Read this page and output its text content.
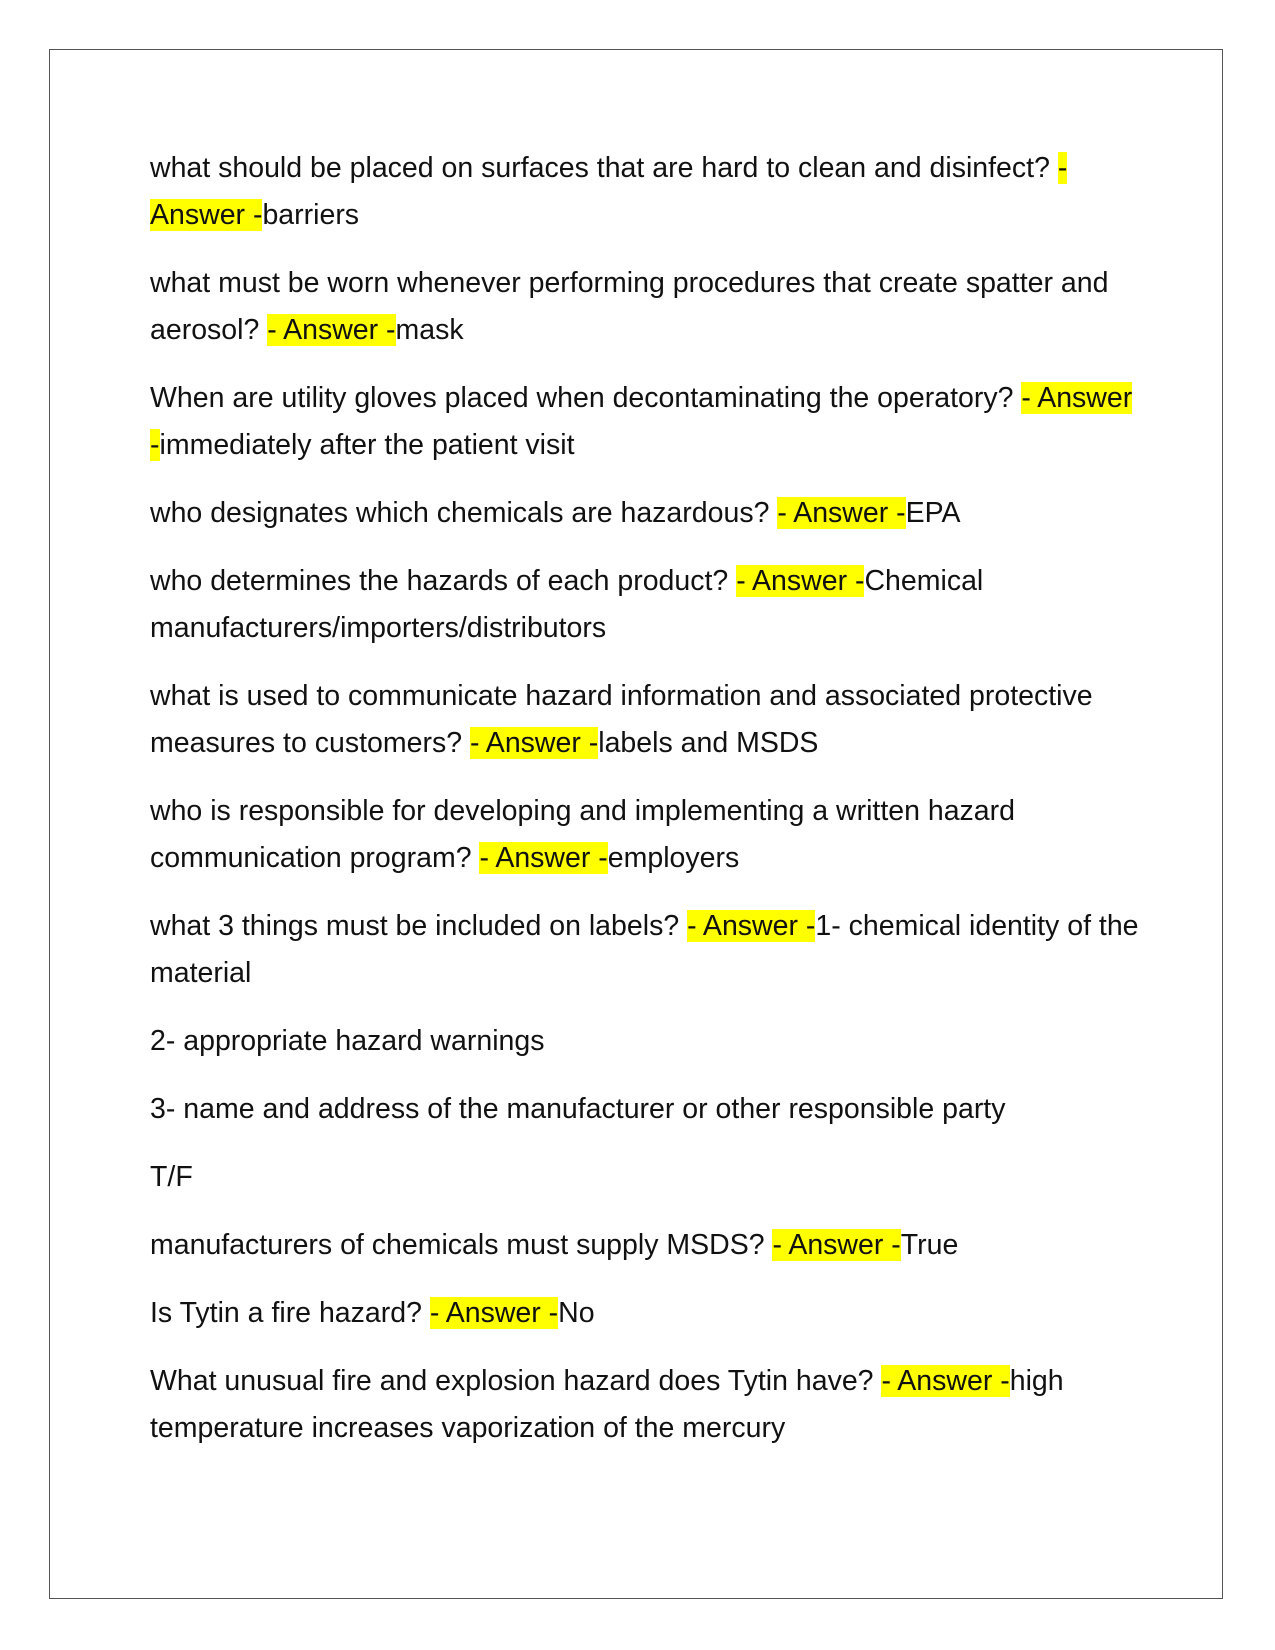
what should be placed on surfaces that are hard to clean and disinfect? - Answer -barriers

what must be worn whenever performing procedures that create spatter and aerosol? - Answer -mask

When are utility gloves placed when decontaminating the operatory? - Answer -immediately after the patient visit

who designates which chemicals are hazardous? - Answer -EPA

who determines the hazards of each product? - Answer -Chemical manufacturers/importers/distributors

what is used to communicate hazard information and associated protective measures to customers? - Answer -labels and MSDS

who is responsible for developing and implementing a written hazard communication program? - Answer -employers

what 3 things must be included on labels? - Answer -1- chemical identity of the material

2- appropriate hazard warnings

3- name and address of the manufacturer or other responsible party

T/F

manufacturers of chemicals must supply MSDS? - Answer -True

Is Tytin a fire hazard? - Answer -No

What unusual fire and explosion hazard does Tytin have? - Answer -high temperature increases vaporization of the mercury
